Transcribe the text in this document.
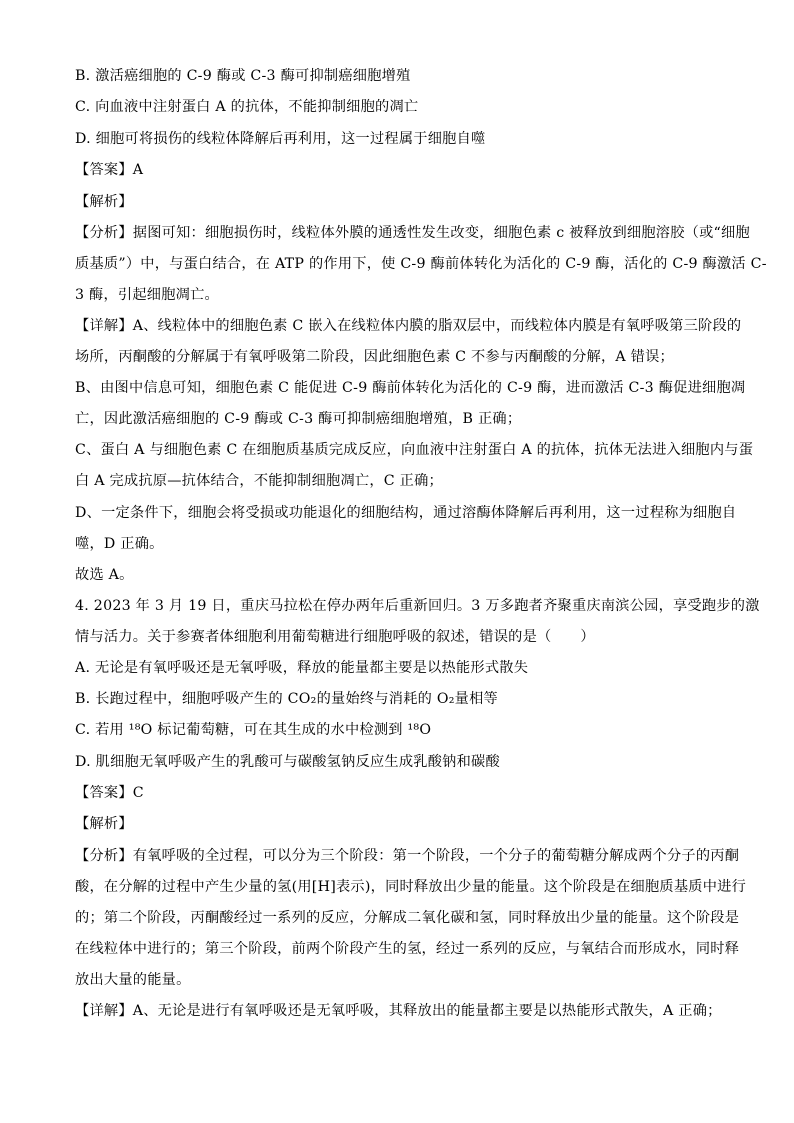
B. 激活癌细胞的 C-9 酶或 C-3 酶可抑制癌细胞增殖
C. 向血液中注射蛋白 A 的抗体，不能抑制细胞的凋亡
D. 细胞可将损伤的线粒体降解后再利用，这一过程属于细胞自噬
【答案】A
【解析】
【分析】据图可知：细胞损伤时，线粒体外膜的通透性发生改变，细胞色素 c 被释放到细胞溶胶（或“细胞
质基质”）中，与蛋白结合，在 ATP 的作用下，使 C-9 酶前体转化为活化的 C-9 酶，活化的 C-9 酶激活 C-
3 酶，引起细胞凋亡。
【详解】A、线粒体中的细胞色素 C 嵌入在线粒体内膜的脂双层中，而线粒体内膜是有氧呼吸第三阶段的
场所，丙酮酸的分解属于有氧呼吸第二阶段，因此细胞色素 C 不参与丙酮酸的分解，A 错误；
B、由图中信息可知，细胞色素 C 能促进 C-9 酶前体转化为活化的 C-9 酶，进而激活 C-3 酶促进细胞凋
亡，因此激活癌细胞的 C-9 酶或 C-3 酶可抑制癌细胞增殖，B 正确；
C、蛋白 A 与细胞色素 C 在细胞质基质完成反应，向血液中注射蛋白 A 的抗体，抗体无法进入细胞内与蛋
白 A 完成抗原—抗体结合，不能抑制细胞凋亡，C 正确；
D、一定条件下，细胞会将受损或功能退化的细胞结构，通过溶酶体降解后再利用，这一过程称为细胞自
噬，D 正确。
故选 A。
4. 2023 年 3 月 19 日，重庆马拉松在停办两年后重新回归。3 万多跑者齐聚重庆南滨公园，享受跑步的激
情与活力。关于参赛者体细胞利用葡萄糖进行细胞呼吸的叙述，错误的是（　　）
A. 无论是有氧呼吸还是无氧呼吸，释放的能量都主要是以热能形式散失
B. 长跑过程中，细胞呼吸产生的 CO₂的量始终与消耗的 O₂量相等
C. 若用 ¹⁸O 标记葡萄糖，可在其生成的水中检测到 ¹⁸O
D. 肌细胞无氧呼吸产生的乳酸可与碳酸氢钠反应生成乳酸钠和碳酸
【答案】C
【解析】
【分析】有氧呼吸的全过程，可以分为三个阶段：第一个阶段，一个分子的葡萄糖分解成两个分子的丙酮
酸，在分解的过程中产生少量的氢(用[H]表示)，同时释放出少量的能量。这个阶段是在细胞质基质中进行
的；第二个阶段，丙酮酸经过一系列的反应，分解成二氧化碳和氢，同时释放出少量的能量。这个阶段是
在线粒体中进行的；第三个阶段，前两个阶段产生的氢，经过一系列的反应，与氧结合而形成水，同时释
放出大量的能量。
【详解】A、无论是进行有氧呼吸还是无氧呼吸，其释放出的能量都主要是以热能形式散失，A 正确；
